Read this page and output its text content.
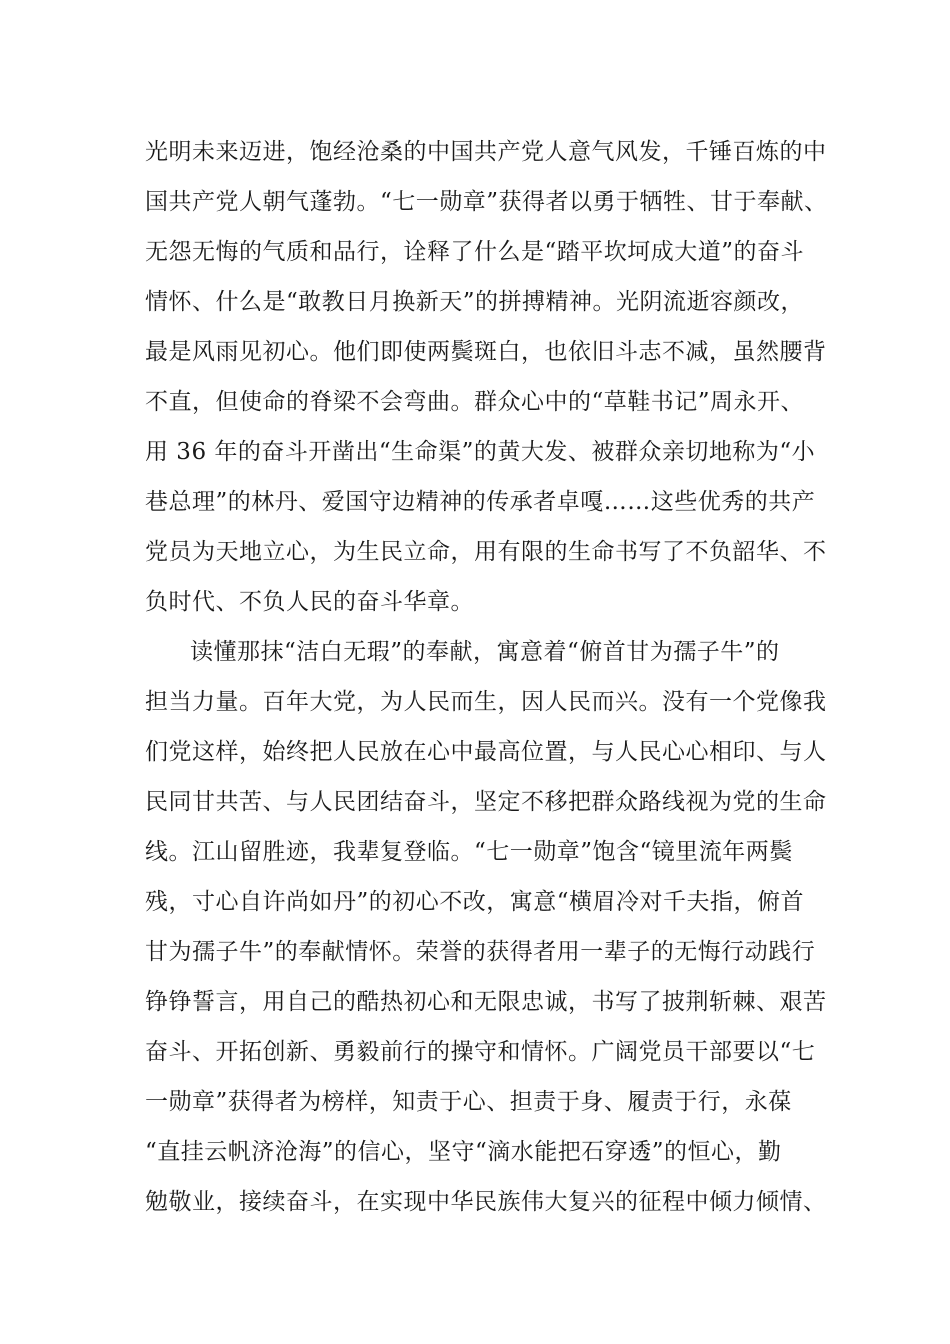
光明未来迈进，饱经沧桑的中国共产党人意气风发，千锤百炼的中
国共产党人朝气蓬勃。“七一勋章”获得者以勇于牺牲、甘于奉献、
无怨无悔的气质和品行，诠释了什么是“踏平坎坷成大道”的奋斗
情怀、什么是“敢教日月换新天”的拼搏精神。光阴流逝容颜改，
最是风雨见初心。他们即使两鬓斑白，也依旧斗志不减，虽然腰背
不直，但使命的脊梁不会弯曲。群众心中的“草鞋书记”周永开、
用 36 年的奋斗开凿出“生命渠”的黄大发、被群众亲切地称为“小
巷总理”的林丹、爱国守边精神的传承者卓嘎……这些优秀的共产
党员为天地立心，为生民立命，用有限的生命书写了不负韶华、不
负时代、不负人民的奋斗华章。
读懂那抹“洁白无瑕”的奉献，寓意着“俯首甘为孺子牛”的
担当力量。百年大党，为人民而生，因人民而兴。没有一个党像我
们党这样，始终把人民放在心中最高位置，与人民心心相印、与人
民同甘共苦、与人民团结奋斗，坚定不移把群众路线视为党的生命
线。江山留胜迹，我辈复登临。“七一勋章”饱含“镜里流年两鬓
残，寸心自许尚如丹”的初心不改，寓意“横眉冷对千夫指，俯首
甘为孺子牛”的奉献情怀。荣誉的获得者用一辈子的无悔行动践行
铮铮誓言，用自己的酷热初心和无限忠诚，书写了披荆斩棘、艰苦
奋斗、开拓创新、勇毅前行的操守和情怀。广阔党员干部要以“七
一勋章”获得者为榜样，知责于心、担责于身、履责于行，永葆
“直挂云帆济沧海”的信心，坚守“滴水能把石穿透”的恒心，勤
勉敬业，接续奋斗，在实现中华民族伟大复兴的征程中倾力倾情、
